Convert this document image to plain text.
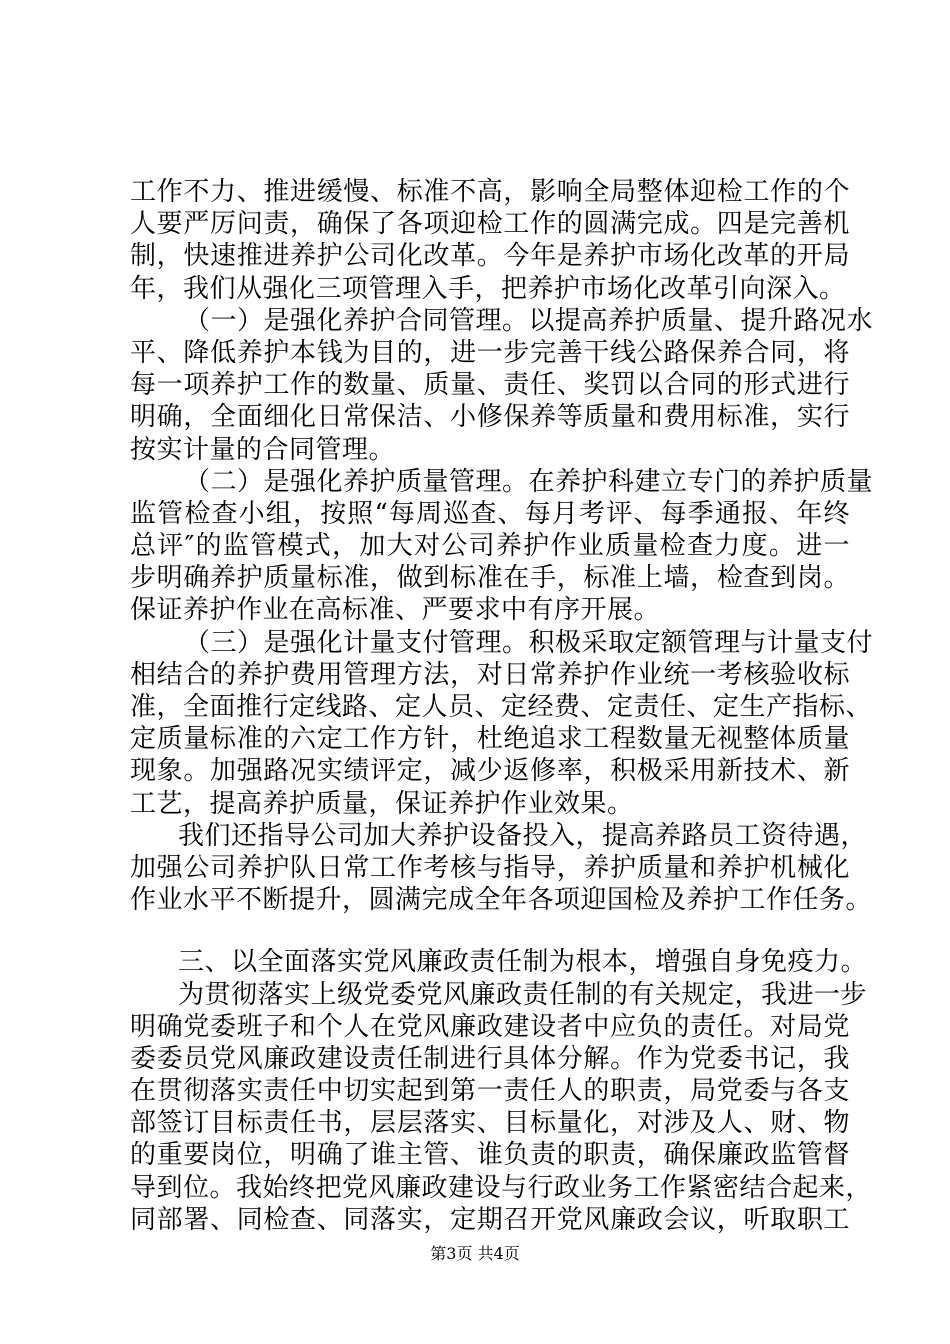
工作不力、推进缓慢、标准不高，影响全局整体迎检工作的个
人要严厉问责，确保了各项迎检工作的圆满完成。四是完善机
制，快速推进养护公司化改革。今年是养护市场化改革的开局
年，我们从强化三项管理入手，把养护市场化改革引向深入。
（一）是强化养护合同管理。以提高养护质量、提升路况水
平、降低养护本钱为目的，进一步完善干线公路保养合同，将
每一项养护工作的数量、质量、责任、奖罚以合同的形式进行
明确，全面细化日常保洁、小修保养等质量和费用标准，实行
按实计量的合同管理。
（二）是强化养护质量管理。在养护科建立专门的养护质量
监管检查小组，按照“每周巡查、每月考评、每季通报、年终
总评″的监管模式，加大对公司养护作业质量检查力度。进一
步明确养护质量标准，做到标准在手，标准上墙，检查到岗。
保证养护作业在高标准、严要求中有序开展。
（三）是强化计量支付管理。积极采取定额管理与计量支付
相结合的养护费用管理方法，对日常养护作业统一考核验收标
准，全面推行定线路、定人员、定经费、定责任、定生产指标、
定质量标准的六定工作方针，杜绝追求工程数量无视整体质量
现象。加强路况实绩评定，减少返修率，积极采用新技术、新
工艺，提高养护质量，保证养护作业效果。
我们还指导公司加大养护设备投入，提高养路员工资待遇，
加强公司养护队日常工作考核与指导，养护质量和养护机械化
作业水平不断提升，圆满完成全年各项迎国检及养护工作任务。
三、以全面落实党风廉政责任制为根本，增强自身免疫力。
为贯彻落实上级党委党风廉政责任制的有关规定，我进一步
明确党委班子和个人在党风廉政建设者中应负的责任。对局党
委委员党风廉政建设责任制进行具体分解。作为党委书记，我
在贯彻落实责任中切实起到第一责任人的职责，局党委与各支
部签订目标责任书，层层落实、目标量化，对涉及人、财、物
的重要岗位，明确了谁主管、谁负责的职责，确保廉政监管督
导到位。我始终把党风廉政建设与行政业务工作紧密结合起来，
同部署、同检查、同落实，定期召开党风廉政会议，听取职工
第3页 共4页
